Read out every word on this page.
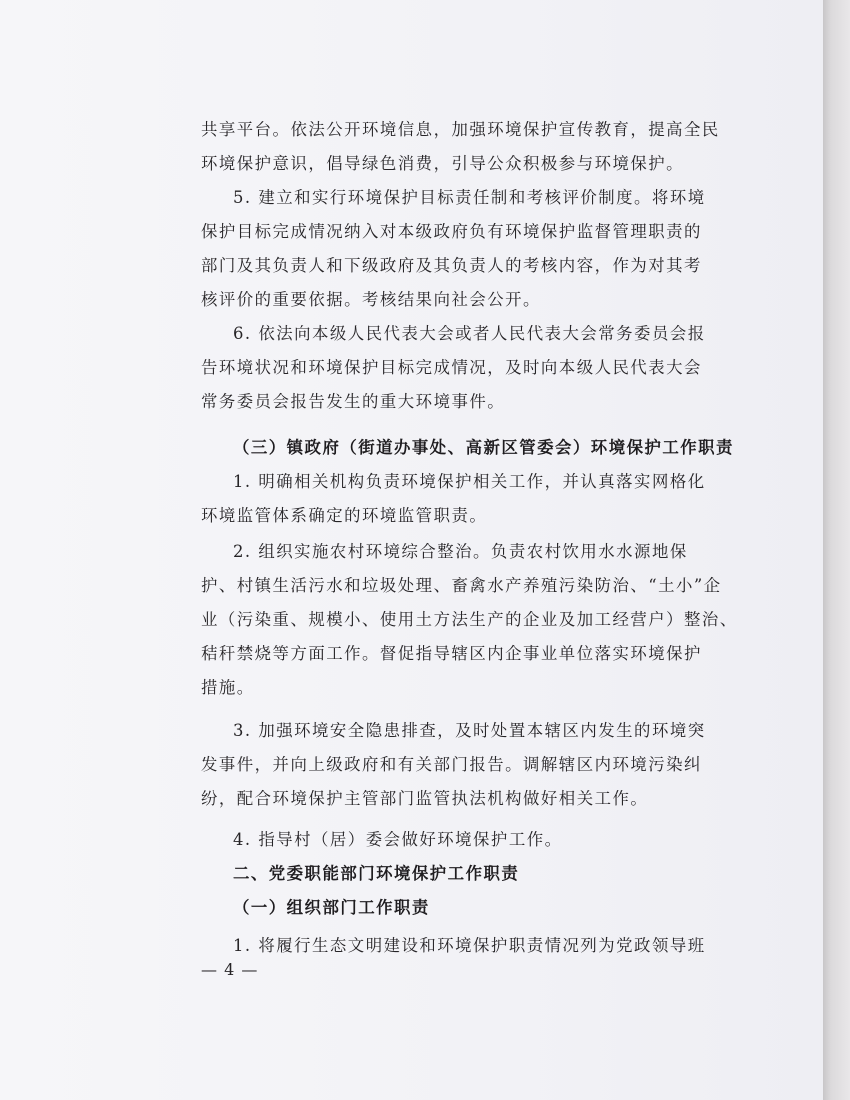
共享平台。依法公开环境信息，加强环境保护宣传教育，提高全民
环境保护意识，倡导绿色消费，引导公众积极参与环境保护。
5. 建立和实行环境保护目标责任制和考核评价制度。将环境
保护目标完成情况纳入对本级政府负有环境保护监督管理职责的
部门及其负责人和下级政府及其负责人的考核内容，作为对其考
核评价的重要依据。考核结果向社会公开。
6. 依法向本级人民代表大会或者人民代表大会常务委员会报
告环境状况和环境保护目标完成情况，及时向本级人民代表大会
常务委员会报告发生的重大环境事件。
（三）镇政府（街道办事处、高新区管委会）环境保护工作职责
1. 明确相关机构负责环境保护相关工作，并认真落实网格化
环境监管体系确定的环境监管职责。
2. 组织实施农村环境综合整治。负责农村饮用水水源地保
护、村镇生活污水和垃圾处理、畜禽水产养殖污染防治、“土小”企
业（污染重、规模小、使用土方法生产的企业及加工经营户）整治、
秸秆禁烧等方面工作。督促指导辖区内企事业单位落实环境保护
措施。
3. 加强环境安全隐患排查，及时处置本辖区内发生的环境突
发事件，并向上级政府和有关部门报告。调解辖区内环境污染纠
纷，配合环境保护主管部门监管执法机构做好相关工作。
4. 指导村（居）委会做好环境保护工作。
二、党委职能部门环境保护工作职责
（一）组织部门工作职责
1. 将履行生态文明建设和环境保护职责情况列为党政领导班
— 4 —
